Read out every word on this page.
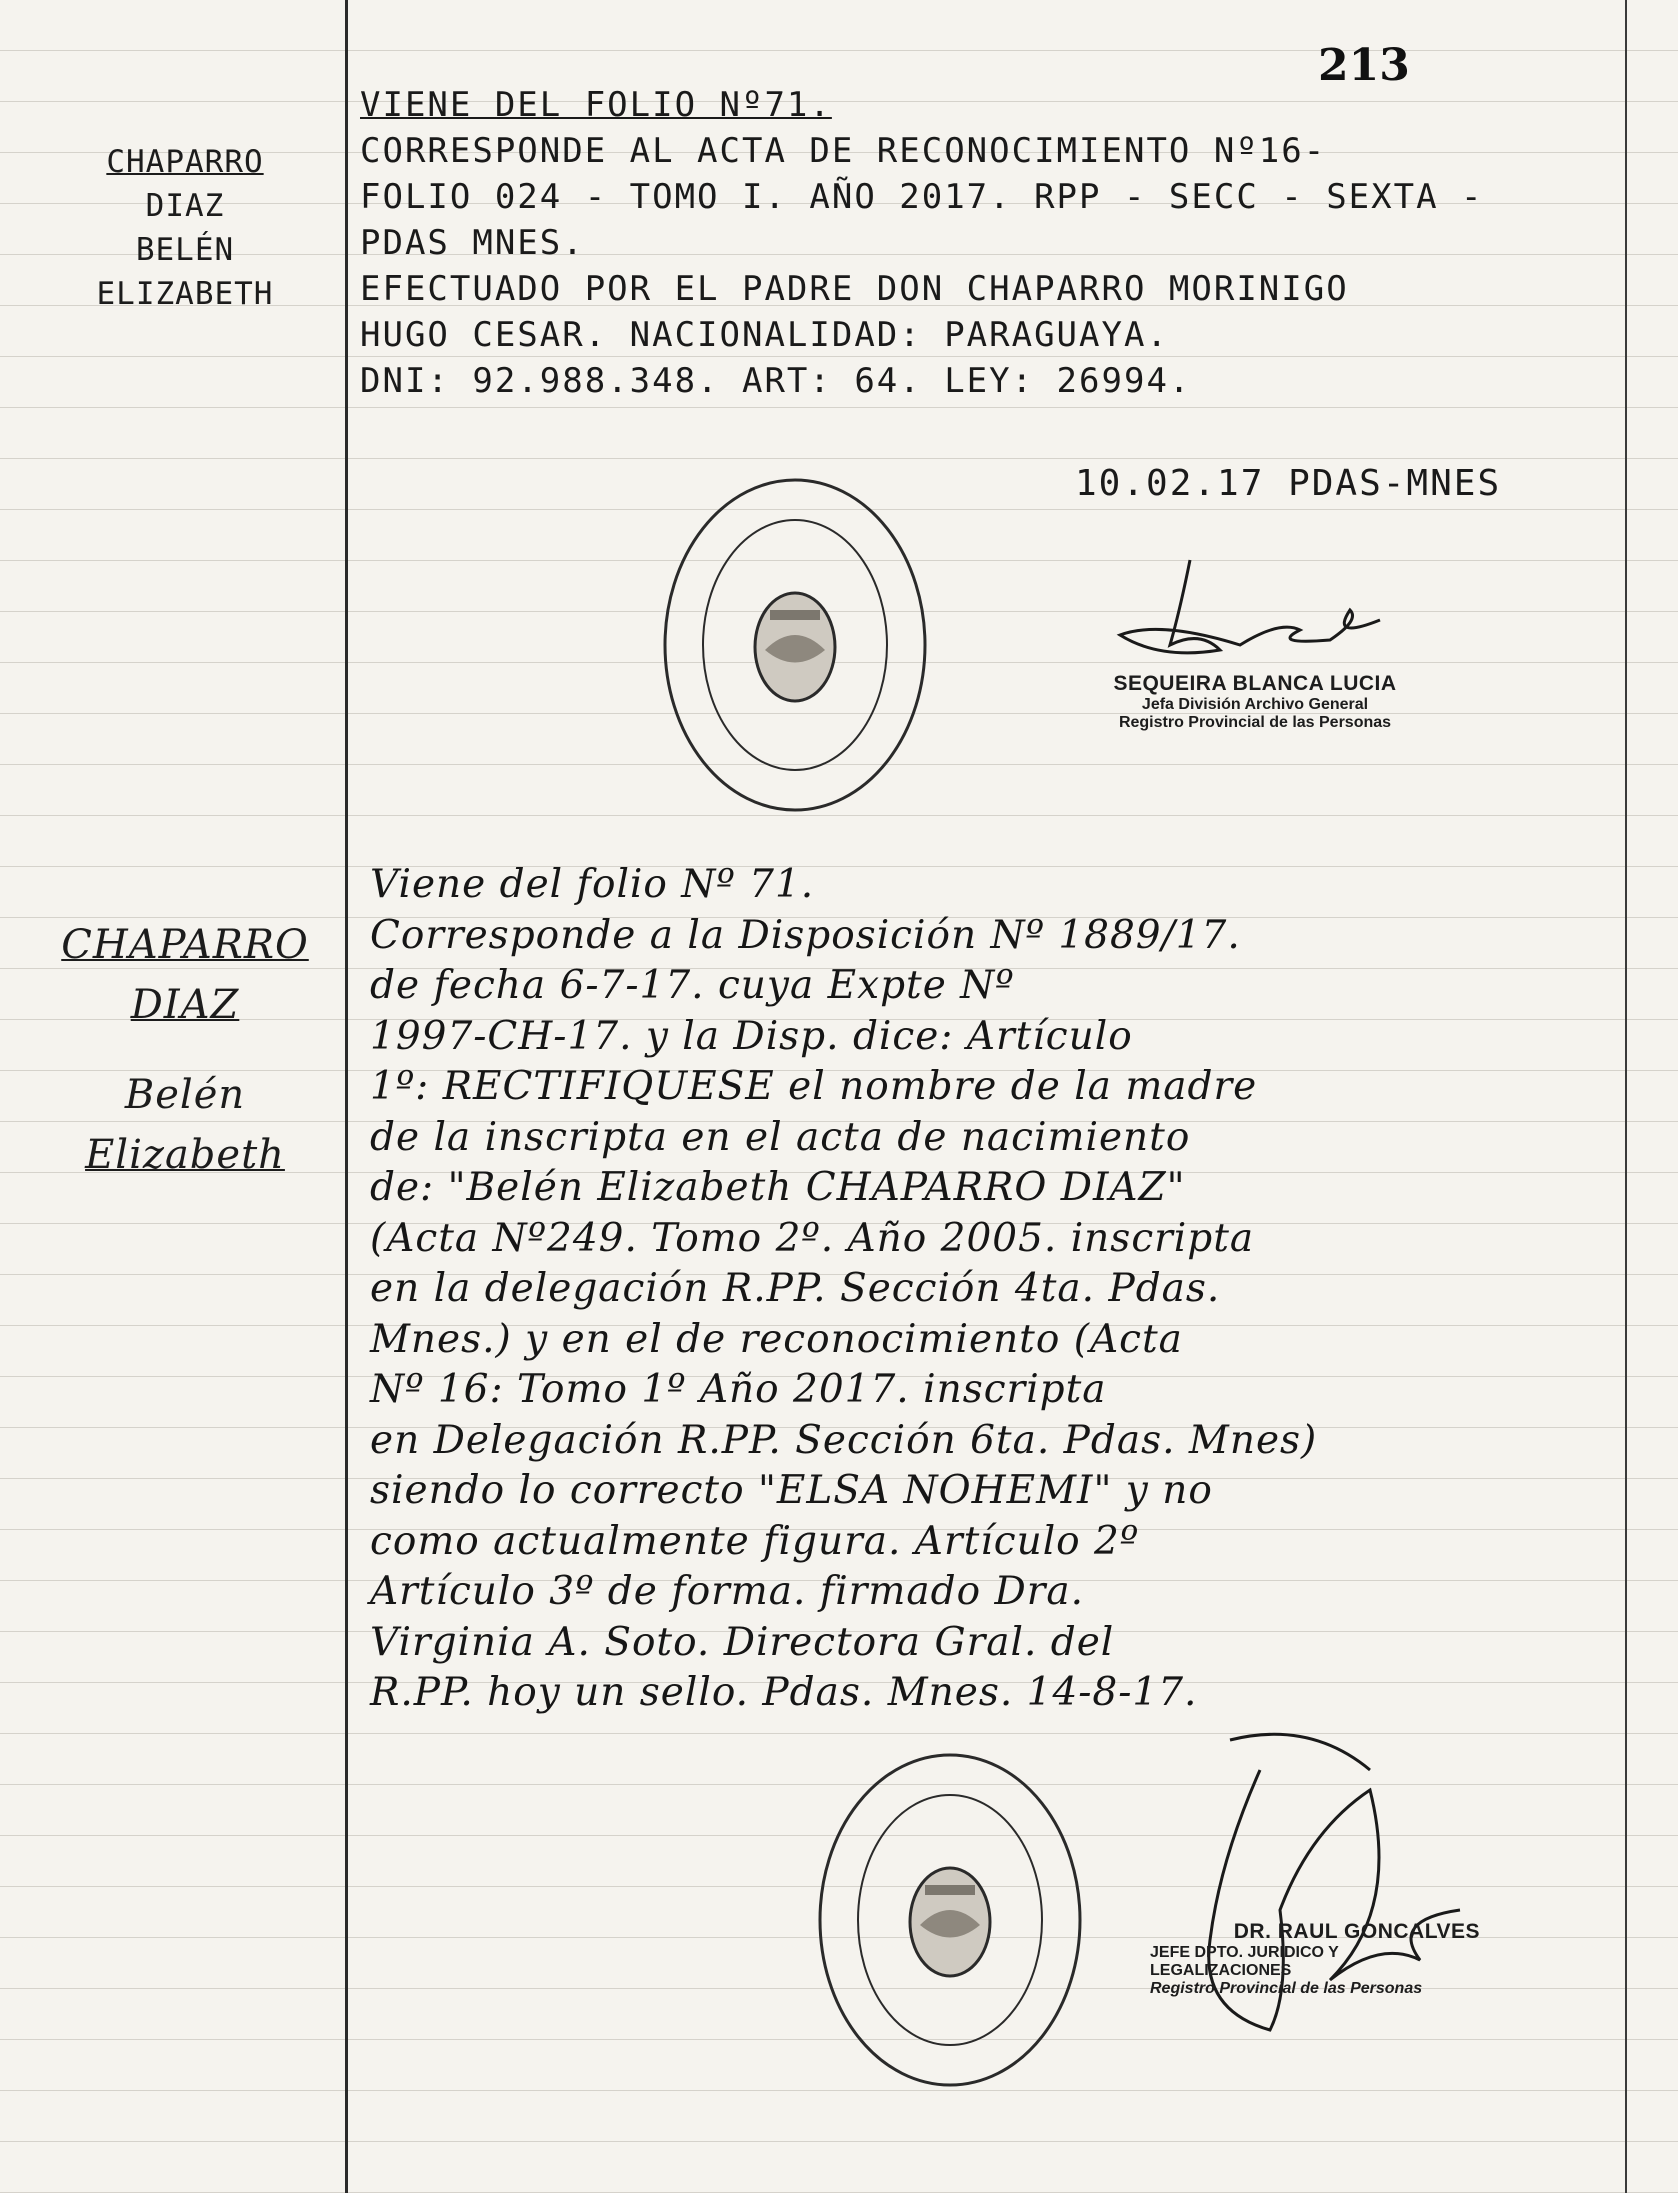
213
CHAPARRO
DIAZ
BELÉN
ELIZABETH
VIENE DEL FOLIO Nº71.
CORRESPONDE AL ACTA DE RECONOCIMIENTO Nº16-
FOLIO 024 - TOMO I. AÑO 2017. RPP - SECC - SEXTA -
PDAS MNES.
EFECTUADO POR EL PADRE DON CHAPARRO MORINIGO
HUGO CESAR. NACIONALIDAD: PARAGUAYA.
DNI: 92.988.348. ART: 64. LEY: 26994.
10.02.17 PDAS-MNES
SEQUEIRA BLANCA LUCIA
Jefa División Archivo General
Registro Provincial de las Personas
CHAPARRO
DIAZ
Belén
Elizabeth
Viene del folio Nº 71.
Corresponde a la Disposición Nº 1889/17.
de fecha 6-7-17. cuya Expte Nº
1997-CH-17. y la Disp. dice: Artículo
1º: RECTIFIQUESE el nombre de la madre
de la inscripta en el acta de nacimiento
de: "Belén Elizabeth CHAPARRO DIAZ"
(Acta Nº249. Tomo 2º. Año 2005. inscripta
en la delegación R.PP. Sección 4ta. Pdas.
Mnes.) y en el de reconocimiento (Acta
Nº 16: Tomo 1º Año 2017. inscripta
en Delegación R.PP. Sección 6ta. Pdas. Mnes)
siendo lo correcto "ELSA NOHEMI" y no
como actualmente figura. Artículo 2º
Artículo 3º de forma. firmado Dra.
Virginia A. Soto. Directora Gral. del
R.PP. hoy un sello. Pdas. Mnes. 14-8-17.
DR. RAUL GONCALVES
JEFE DPTO. JURIDICO Y LEGALIZACIONES
Registro Provincial de las Personas
